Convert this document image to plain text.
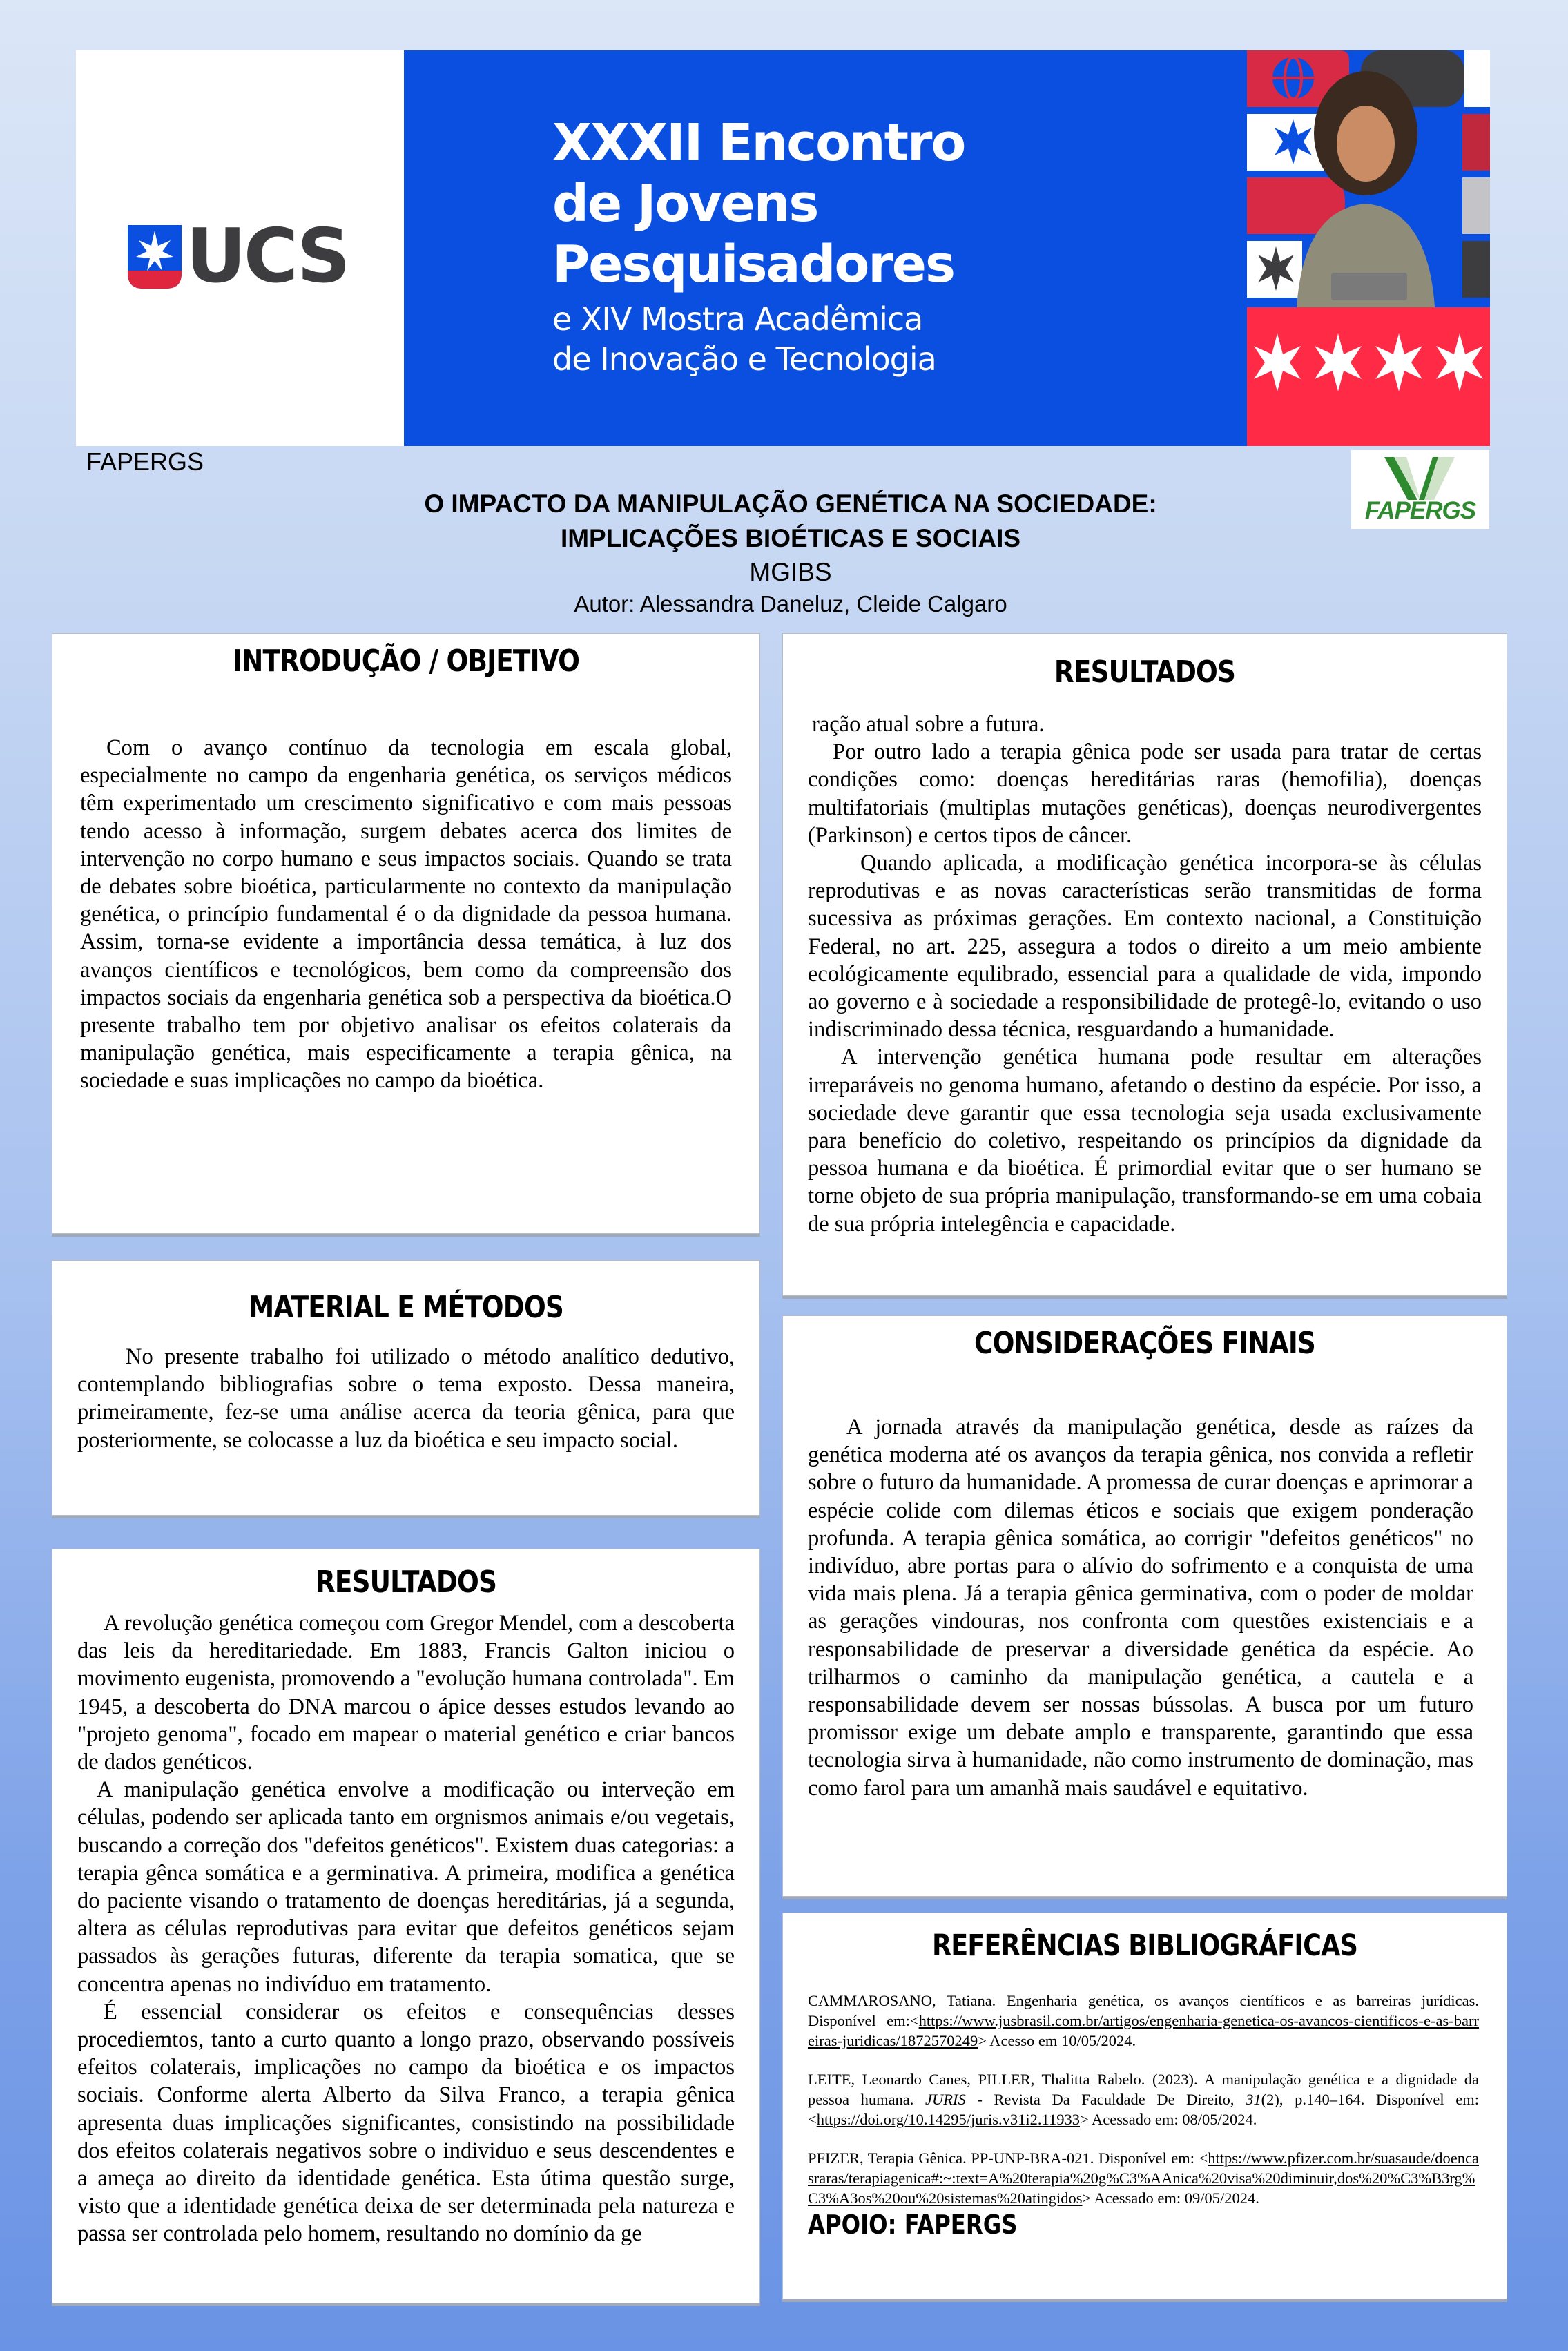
UCS
XXXII Encontro
de Jovens
Pesquisadores
e XIV Mostra Acadêmica
de Inovação e Tecnologia
FAPERGS
O IMPACTO DA MANIPULAÇÃO GENÉTICA NA SOCIEDADE:
IMPLICAÇÕES BIOÉTICAS E SOCIAIS
MGIBS
Autor: Alessandra Daneluz, Cleide Calgaro
FAPERGS
INTRODUÇÃO / OBJETIVO

Com o avanço contínuo da tecnologia em escala global, especialmente no campo da engenharia genética, os serviços médicos têm experimentado um crescimento significativo e com mais pessoas tendo acesso à informação, surgem debates acerca dos limites de intervenção no corpo humano e seus impactos sociais. Quando se trata de debates sobre bioética, particularmente no contexto da manipulação genética, o princípio fundamental é o da dignidade da pessoa humana. Assim, torna-se evidente a importância dessa temática, à luz dos avanços científicos e tecnológicos, bem como da compreensão dos impactos sociais da engenharia genética sob a perspectiva da bioética.O presente trabalho tem por objetivo analisar os efeitos colaterais da manipulação genética, mais especificamente a terapia gênica, na sociedade e suas implicações no campo da bioética.

MATERIAL E MÉTODOS

No presente trabalho foi utilizado o método analítico dedutivo, contemplando bibliografias sobre o tema exposto. Dessa maneira, primeiramente, fez-se uma análise acerca da teoria gênica, para que posteriormente, se colocasse a luz da bioética e seu impacto social.

RESULTADOS

A revolução genética começou com Gregor Mendel, com a descoberta das leis da hereditariedade. Em 1883, Francis Galton iniciou o movimento eugenista, promovendo a "evolução humana controlada". Em 1945, a descoberta do DNA marcou o ápice desses estudos levando ao "projeto genoma", focado em mapear o material genético e criar bancos de dados genéticos.

A manipulação genética envolve a modificação ou interveção em células, podendo ser aplicada tanto em orgnismos animais e/ou vegetais, buscando a correção dos "defeitos genéticos". Existem duas categorias: a terapia gênca somática e a germinativa. A primeira, modifica a genética do paciente visando o tratamento de doenças hereditárias, já a segunda, altera as células reprodutivas para evitar que defeitos genéticos sejam passados às gerações futuras, diferente da terapia somatica, que se concentra apenas no indivíduo em tratamento.

É essencial considerar os efeitos e consequências desses procediemtos, tanto a curto quanto a longo prazo, observando possíveis efeitos colaterais, implicações no campo da bioética e os impactos sociais. Conforme alerta Alberto da Silva Franco, a terapia gênica apresenta duas implicações significantes, consistindo na possibilidade dos efeitos colaterais negativos sobre o individuo e seus descendentes e a ameça ao direito da identidade genética. Esta útima questão surge, visto que a identidade genética deixa de ser determinada pela natureza e passa ser controlada pelo homem, resultando no domínio da ge

RESULTADOS

ração atual sobre a futura.

Por outro lado a terapia gênica pode ser usada para tratar de certas condições como: doenças hereditárias raras (hemofilia), doenças multifatoriais (multiplas mutações genéticas), doenças neurodivergentes (Parkinson) e certos tipos de câncer.

Quando aplicada, a modificaçào genética incorpora-se às células reprodutivas e as novas características serão transmitidas de forma sucessiva as próximas gerações. Em contexto nacional, a Constituição Federal, no art. 225, assegura a todos o direito a um meio ambiente ecológicamente equlibrado, essencial para a qualidade de vida, impondo ao governo e à sociedade a responsibilidade de protegê-lo, evitando o uso indiscriminado dessa técnica, resguardando a humanidade.

A intervenção genética humana pode resultar em alterações irreparáveis no genoma humano, afetando o destino da espécie. Por isso, a sociedade deve garantir que essa tecnologia seja usada exclusivamente para benefício do coletivo, respeitando os princípios da dignidade da pessoa humana e da bioética. É primordial evitar que o ser humano se torne objeto de sua própria manipulação, transformando-se em uma cobaia de sua própria intelegência e capacidade.

CONSIDERAÇÕES FINAIS

A jornada através da manipulação genética, desde as raízes da genética moderna até os avanços da terapia gênica, nos convida a refletir sobre o futuro da humanidade. A promessa de curar doenças e aprimorar a espécie colide com dilemas éticos e sociais que exigem ponderação profunda. A terapia gênica somática, ao corrigir "defeitos genéticos" no indivíduo, abre portas para o alívio do sofrimento e a conquista de uma vida mais plena. Já a terapia gênica germinativa, com o poder de moldar as gerações vindouras, nos confronta com questões existenciais e a responsabilidade de preservar a diversidade genética da espécie. Ao trilharmos o caminho da manipulação genética, a cautela e a responsabilidade devem ser nossas bússolas. A busca por um futuro promissor exige um debate amplo e transparente, garantindo que essa tecnologia sirva à humanidade, não como instrumento de dominação, mas como farol para um amanhã mais saudável e equitativo.

REFERÊNCIAS BIBLIOGRÁFICAS

CAMMAROSANO, Tatiana. Engenharia genética, os avanços científicos e as barreiras jurídicas. Disponível em:<https://www.jusbrasil.com.br/artigos/engenharia-genetica-os-avancos-cientificos-e-as-barreiras-juridicas/1872570249> Acesso em 10/05/2024.

LEITE, Leonardo Canes, PILLER, Thalitta Rabelo. (2023). A manipulação genética e a dignidade da pessoa humana. JURIS - Revista Da Faculdade De Direito, 31(2), p.140–164. Disponível em: <https://doi.org/10.14295/juris.v31i2.11933> Acessado em: 08/05/2024.

PFIZER, Terapia Gênica. PP-UNP-BRA-021. Disponível em: <https://www.pfizer.com.br/suasaude/doencasraras/terapiagenica#:~:text=A%20terapia%20g%C3%AAnica%20visa%20diminuir,dos%20%C3%B3rg%C3%A3os%20ou%20sistemas%20atingidos> Acessado em: 09/05/2024.

APOIO: FAPERGS
